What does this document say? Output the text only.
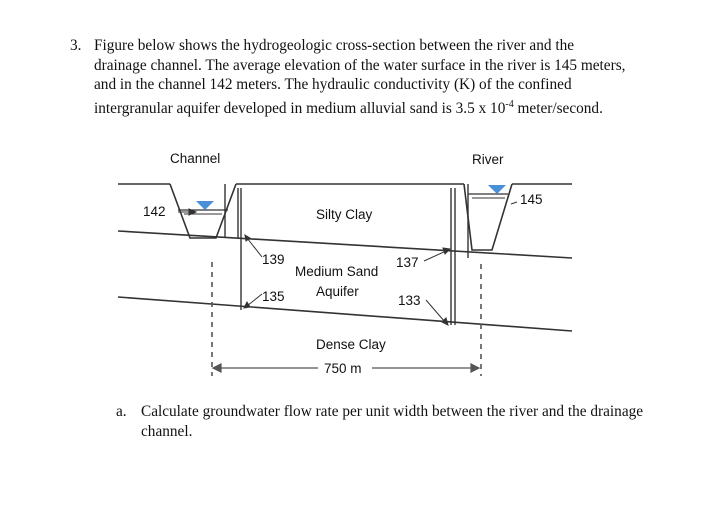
3. Figure below shows the hydrogeologic cross-section between the river and the drainage channel. The average elevation of the water surface in the river is 145 meters, and in the channel 142 meters. The hydraulic conductivity (K) of the confined intergranular aquifer developed in medium alluvial sand is 3.5 x $10^{-4}$ meter/second.
Channel	River
142
145
Silty Clay
Medium Sand
Aquifer
139
135
137
133
Dense Clay
750 m
a. Calculate groundwater flow rate per unit width between the river and the drainage channel.
